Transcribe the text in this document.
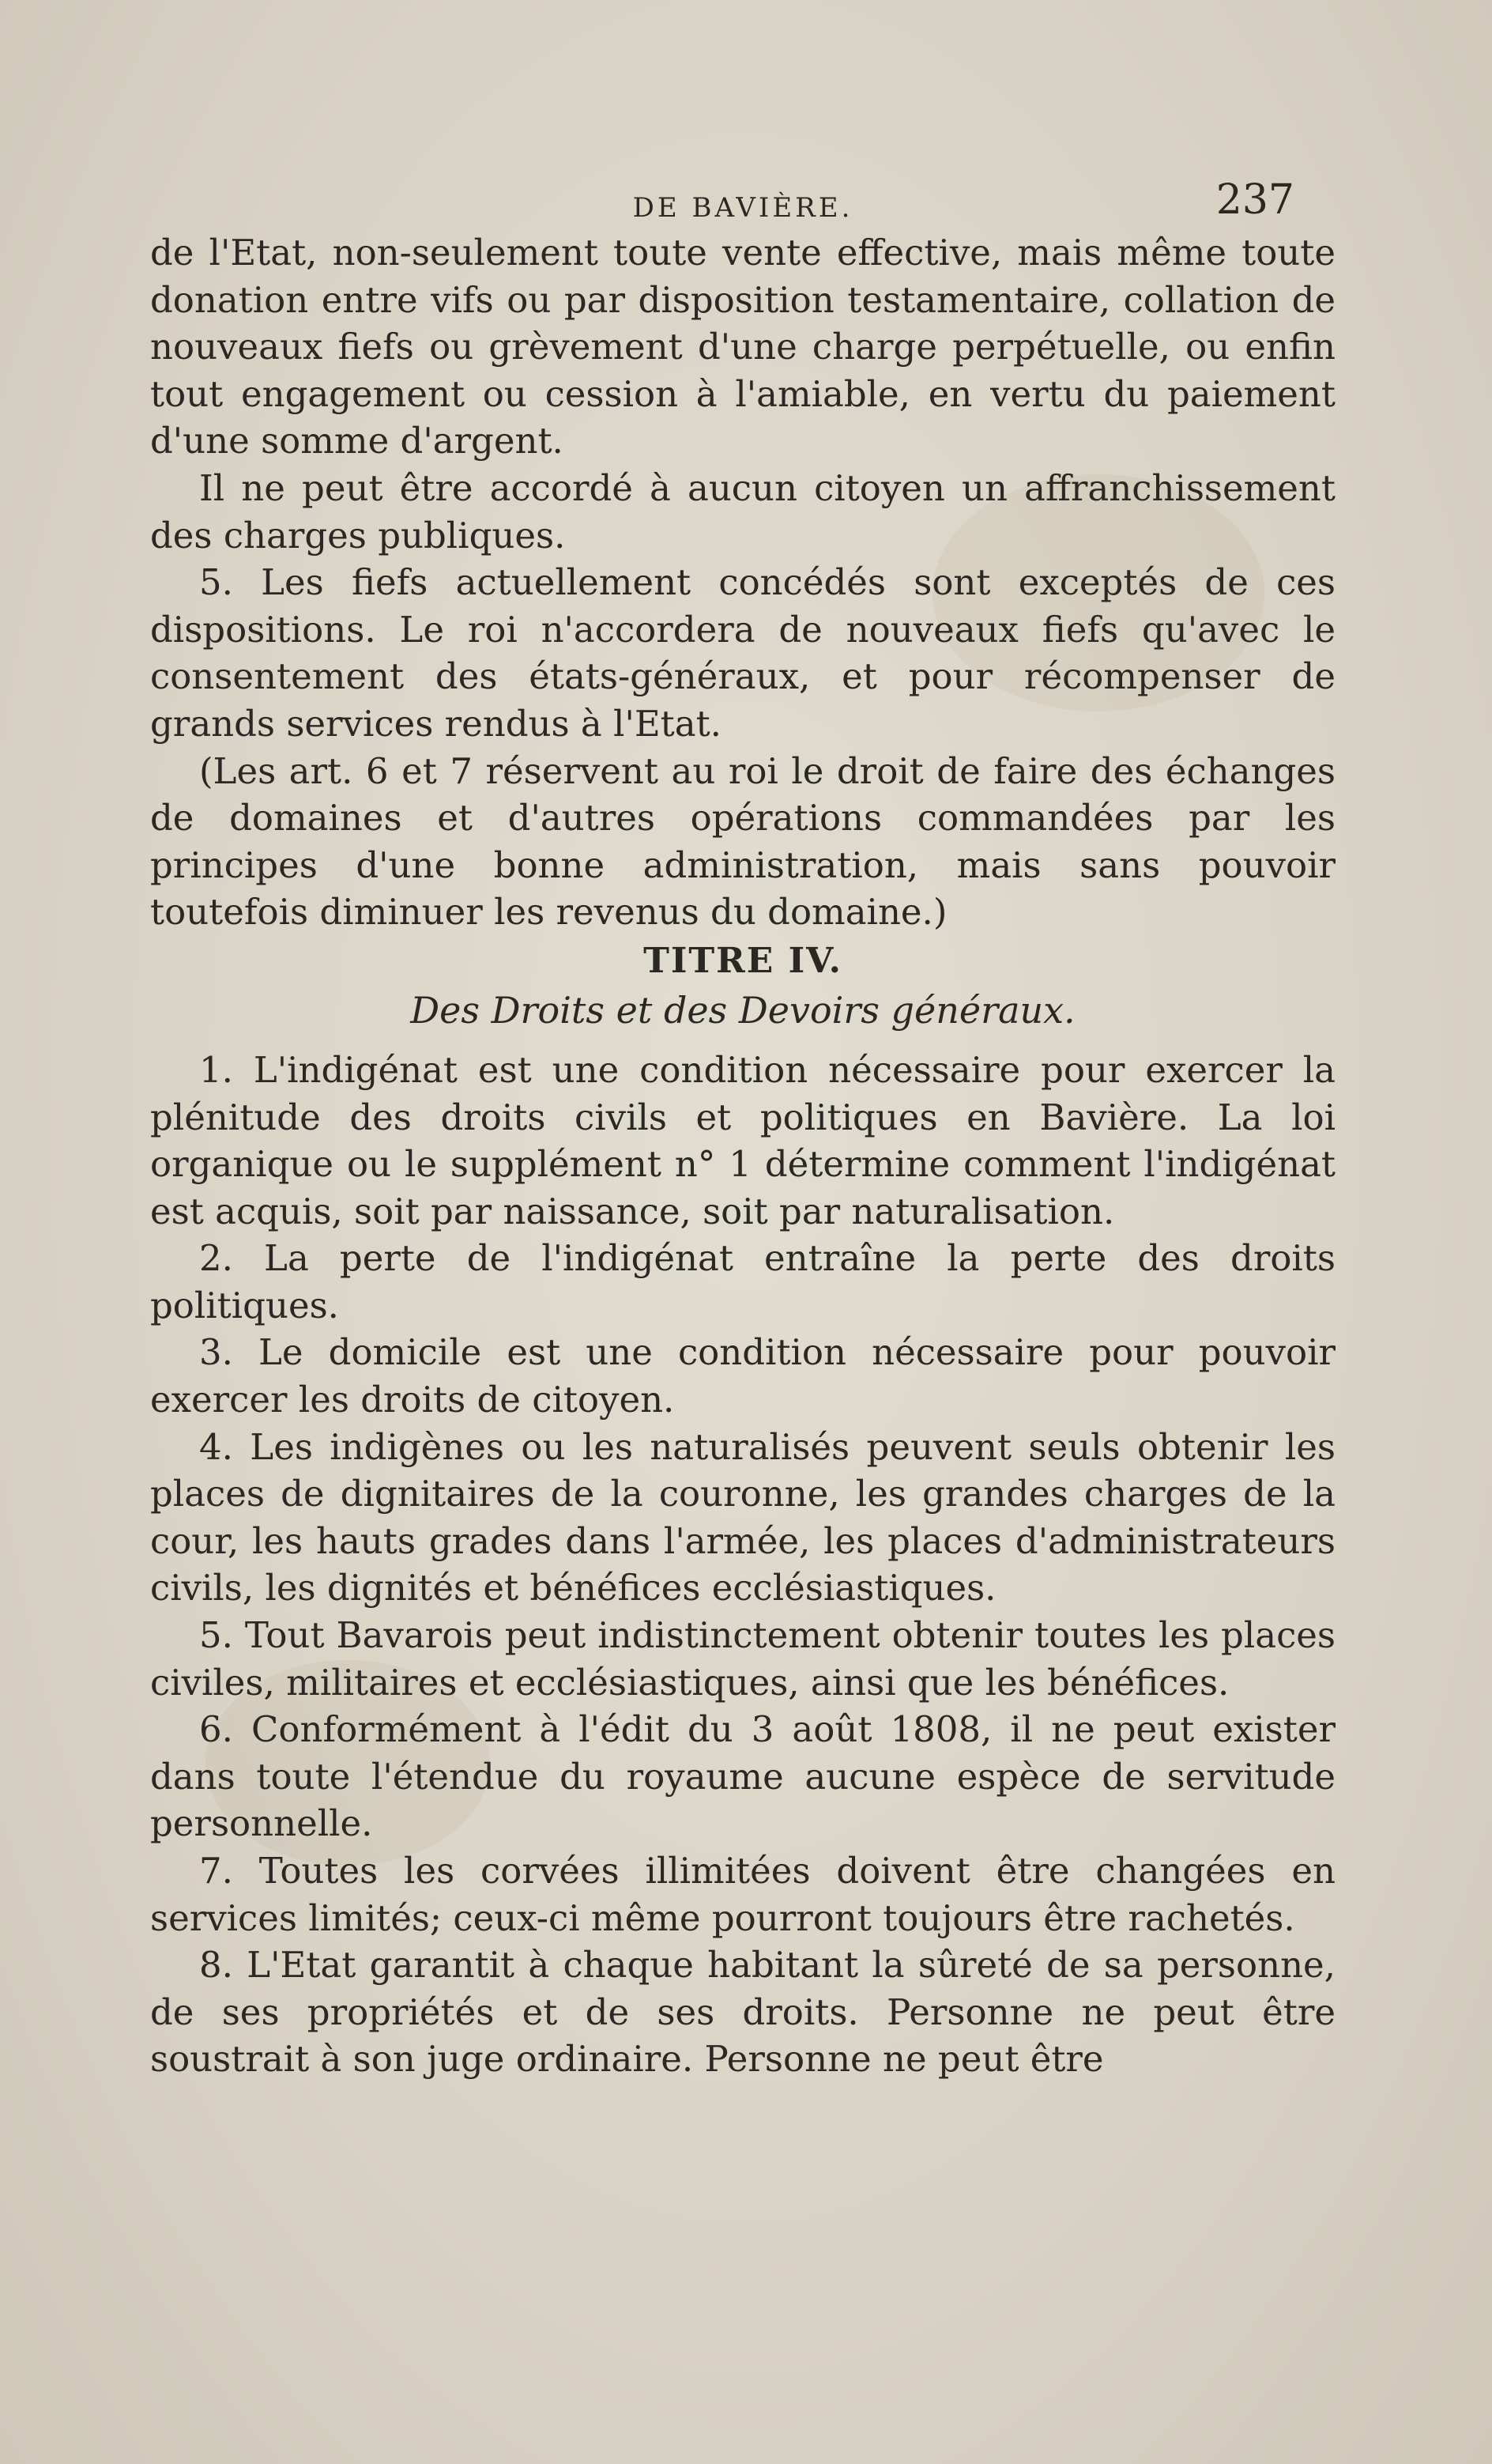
DE BAVIÈRE.	237

de l'Etat, non-seulement toute vente effective, mais même toute donation entre vifs ou par disposition testamentaire, collation de nouveaux fiefs ou grèvement d'une charge perpétuelle, ou enfin tout engagement ou cession à l'amiable, en vertu du paiement d'une somme d'argent.

Il ne peut être accordé à aucun citoyen un affranchissement des charges publiques.

5. Les fiefs actuellement concédés sont exceptés de ces dispositions. Le roi n'accordera de nouveaux fiefs qu'avec le consentement des états-généraux, et pour récompenser de grands services rendus à l'Etat.

(Les art. 6 et 7 réservent au roi le droit de faire des échanges de domaines et d'autres opérations commandées par les principes d'une bonne administration, mais sans pouvoir toutefois diminuer les revenus du domaine.)

TITRE IV.
Des Droits et des Devoirs généraux.

1. L'indigénat est une condition nécessaire pour exercer la plénitude des droits civils et politiques en Bavière. La loi organique ou le supplément n° 1 détermine comment l'indigénat est acquis, soit par naissance, soit par naturalisation.

2. La perte de l'indigénat entraîne la perte des droits politiques.

3. Le domicile est une condition nécessaire pour pouvoir exercer les droits de citoyen.

4. Les indigènes ou les naturalisés peuvent seuls obtenir les places de dignitaires de la couronne, les grandes charges de la cour, les hauts grades dans l'armée, les places d'administrateurs civils, les dignités et bénéfices ecclésiastiques.

5. Tout Bavarois peut indistinctement obtenir toutes les places civiles, militaires et ecclésiastiques, ainsi que les bénéfices.

6. Conformément à l'édit du 3 août 1808, il ne peut exister dans toute l'étendue du royaume aucune espèce de servitude personnelle.

7. Toutes les corvées illimitées doivent être changées en services limités; ceux-ci même pourront toujours être rachetés.

8. L'Etat garantit à chaque habitant la sûreté de sa personne, de ses propriétés et de ses droits. Personne ne peut être soustrait à son juge ordinaire. Personne ne peut être
